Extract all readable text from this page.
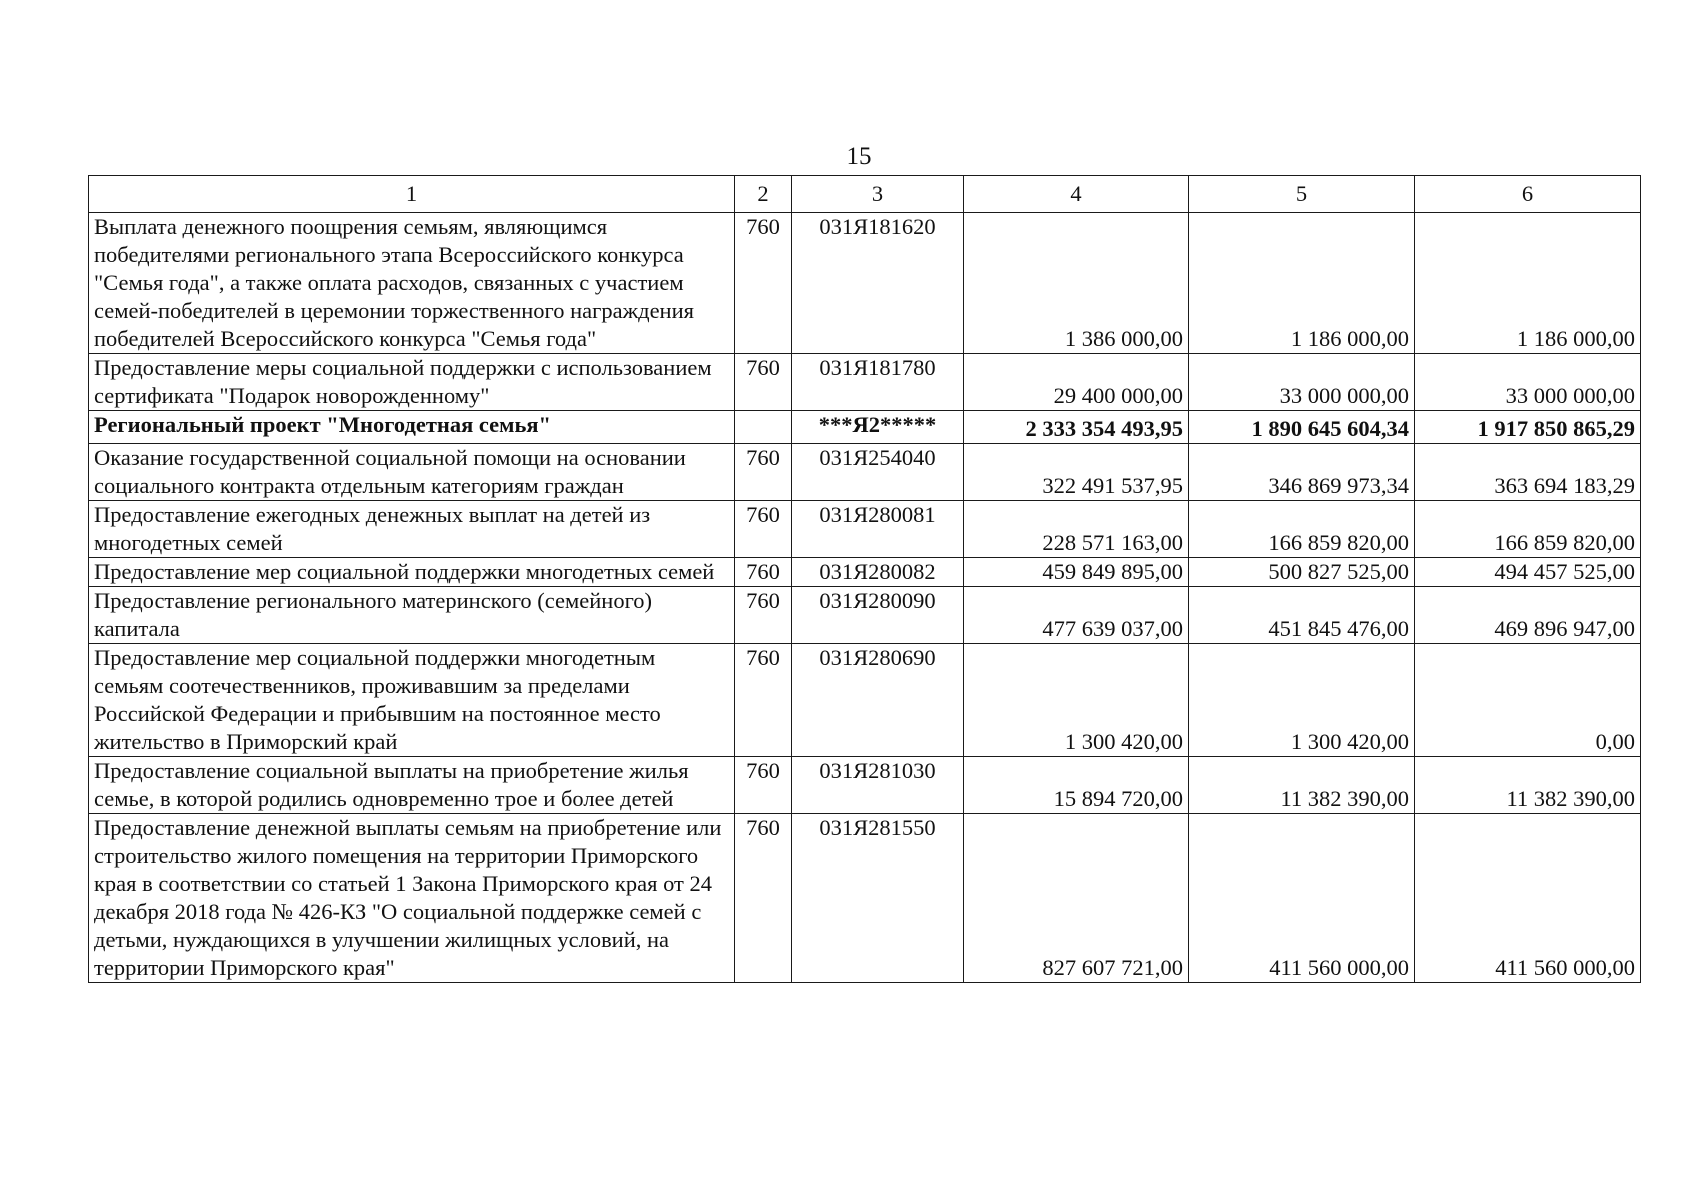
15
1	2	3	4	5	6
Выплата денежного поощрения семьям, являющимся победителями регионального этапа Всероссийского конкурса "Семья года", а также оплата расходов, связанных с участием семей-победителей в церемонии торжественного награждения победителей Всероссийского конкурса "Семья года"	760	031Я181620	1 386 000,00	1 186 000,00	1 186 000,00
Предоставление меры социальной поддержки с использованием сертификата "Подарок новорожденному"	760	031Я181780	29 400 000,00	33 000 000,00	33 000 000,00
Региональный проект "Многодетная семья"		***Я2*****	2 333 354 493,95	1 890 645 604,34	1 917 850 865,29
Оказание государственной социальной помощи на основании социального контракта отдельным категориям граждан	760	031Я254040	322 491 537,95	346 869 973,34	363 694 183,29
Предоставление ежегодных денежных выплат на детей из многодетных семей	760	031Я280081	228 571 163,00	166 859 820,00	166 859 820,00
Предоставление мер социальной поддержки многодетных семей	760	031Я280082	459 849 895,00	500 827 525,00	494 457 525,00
Предоставление регионального материнского (семейного) капитала	760	031Я280090	477 639 037,00	451 845 476,00	469 896 947,00
Предоставление мер социальной поддержки многодетным семьям соотечественников, проживавшим за пределами Российской Федерации и прибывшим на постоянное место жительство в Приморский край	760	031Я280690	1 300 420,00	1 300 420,00	0,00
Предоставление социальной выплаты на приобретение жилья семье, в которой родились одновременно трое и более детей	760	031Я281030	15 894 720,00	11 382 390,00	11 382 390,00
Предоставление денежной выплаты семьям на приобретение или строительство жилого помещения на территории Приморского края в соответствии со статьей 1 Закона Приморского края от 24 декабря 2018 года № 426-КЗ "О социальной поддержке семей с детьми, нуждающихся в улучшении жилищных условий, на территории Приморского края"	760	031Я281550	827 607 721,00	411 560 000,00	411 560 000,00
